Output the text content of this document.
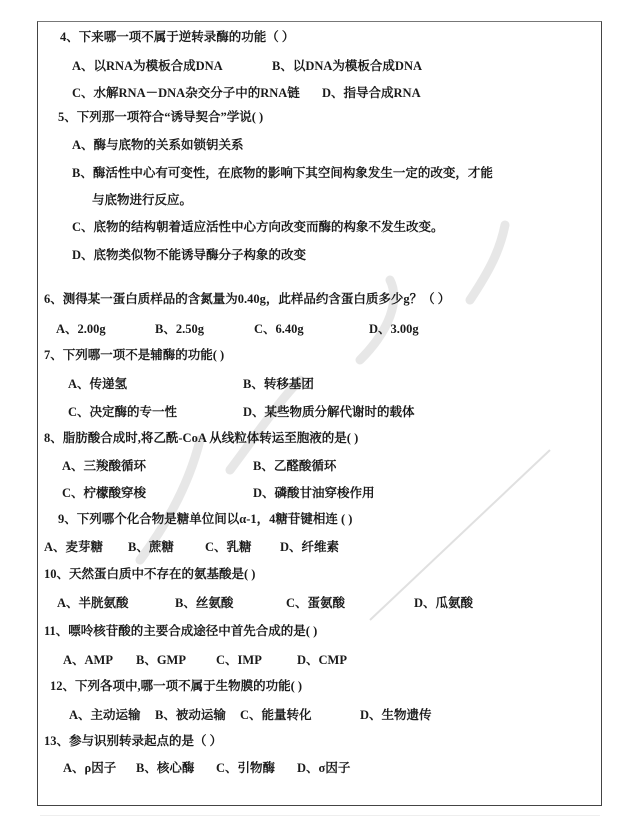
4、下来哪一项不属于逆转录酶的功能（ ）
A、以RNA为模板合成DNA	B、以DNA为模板合成DNA
C、水解RNA－DNA杂交分子中的RNA链 D、指导合成RNA
5、下列那一项符合“诱导契合”学说( )
A、酶与底物的关系如锁钥关系
B、酶活性中心有可变性，在底物的影响下其空间构象发生一定的改变，才能
与底物进行反应。
C、底物的结构朝着适应活性中心方向改变而酶的构象不发生改变。
D、底物类似物不能诱导酶分子构象的改变
6、测得某一蛋白质样品的含氮量为0.40g，此样品约含蛋白质多少g？（ ）
A、2.00g	B、2.50g	C、6.40g	D、3.00g
7、下列哪一项不是辅酶的功能( )
A、传递氢	B、转移基团
C、决定酶的专一性	D、某些物质分解代谢时的载体
8、脂肪酸合成时,将乙酰-CoA 从线粒体转运至胞液的是( )
A、三羧酸循环	B、乙醛酸循环
C、柠檬酸穿梭	D、磷酸甘油穿梭作用
9、下列哪个化合物是糖单位间以α-1，4糖苷键相连 ( )
A、麦芽糖 B、蔗糖 C、乳糖 D、纤维素
10、天然蛋白质中不存在的氨基酸是( )
A、半胱氨酸	B、丝氨酸	C、蛋氨酸	D、瓜氨酸
11、嘌呤核苷酸的主要合成途径中首先合成的是( )
A、AMP B、GMP C、IMP	D、CMP
12、下列各项中,哪一项不属于生物膜的功能( )
A、主动运输 B、被动运输 C、能量转化	D、生物遗传
13、参与识别转录起点的是（ ）
A、ρ因子 B、核心酶 C、引物酶 D、σ因子
